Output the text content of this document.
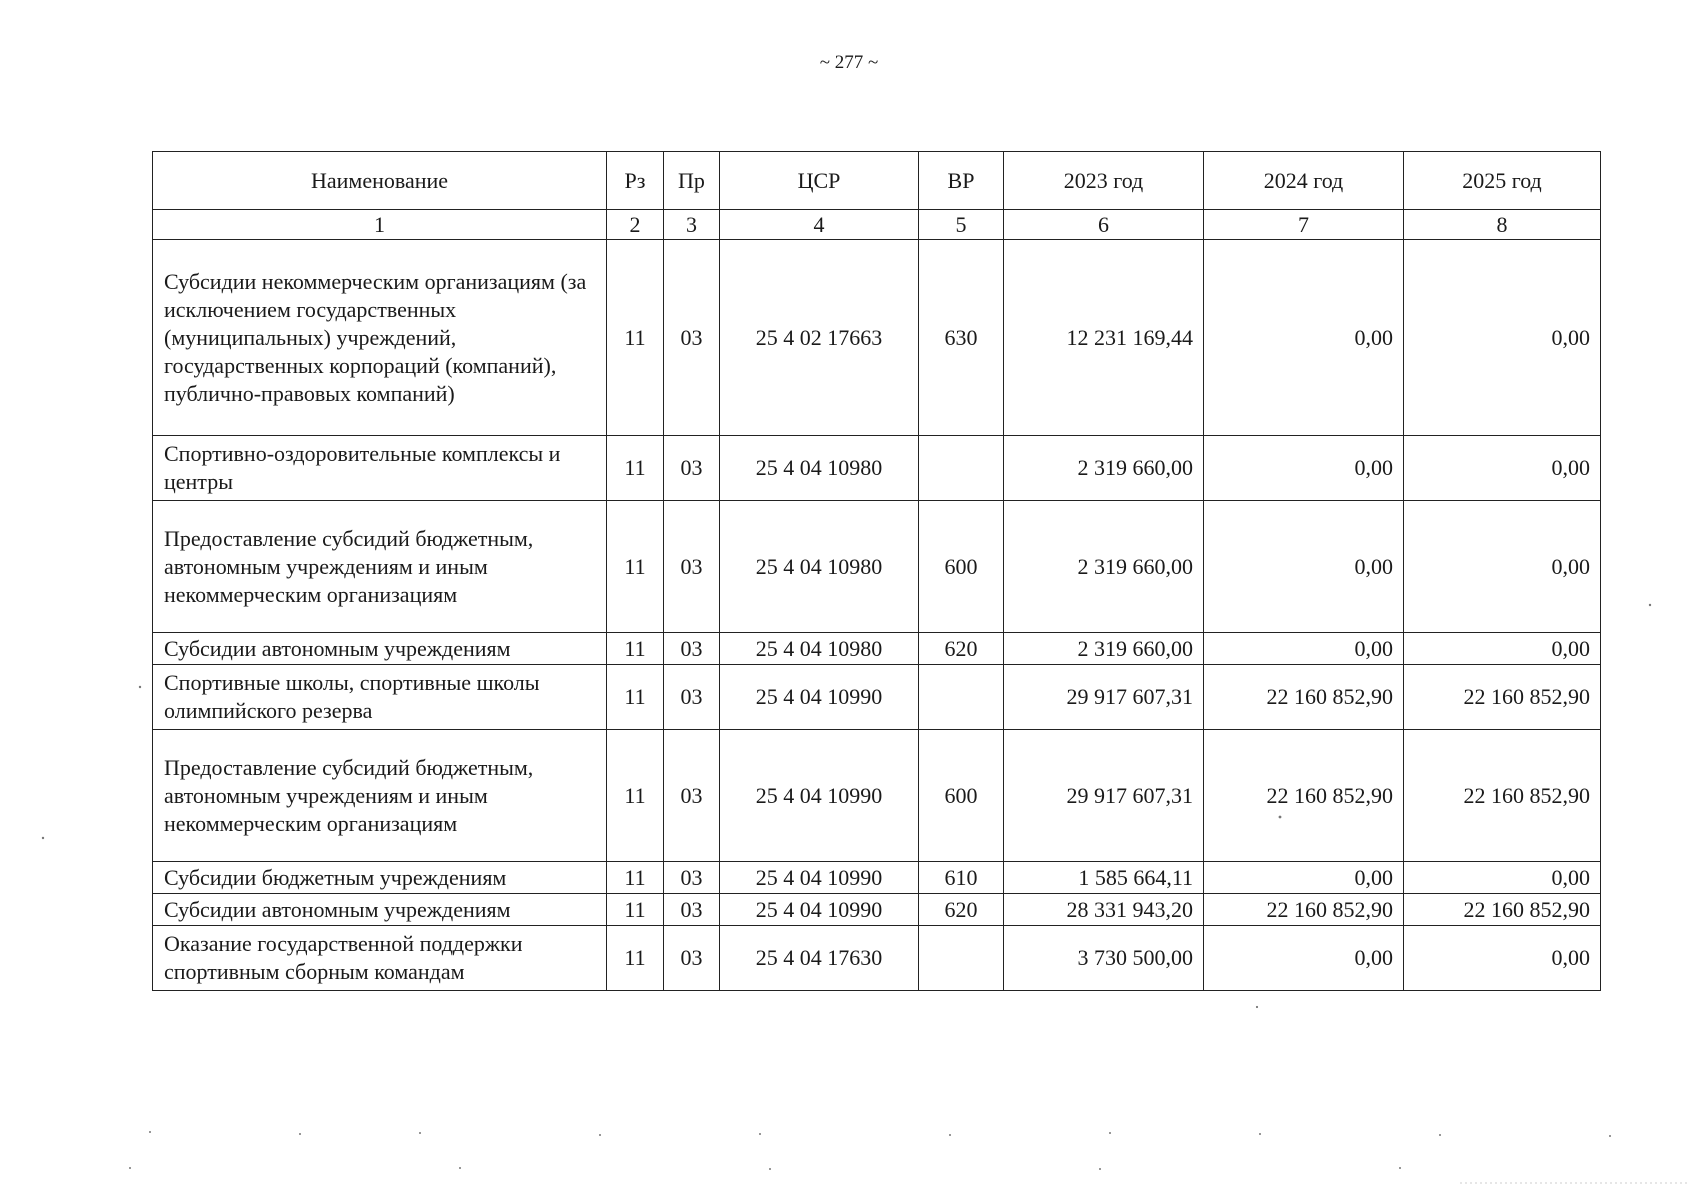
~ 277 ~
Наименование	Рз	Пр	ЦСР	ВР	2023 год	2024 год	2025 год
1	2	3	4	5	6	7	8
Субсидии некоммерческим организациям (за исключением государственных (муниципальных) учреждений, государственных корпораций (компаний), публично-правовых компаний)	11	03	25 4 02 17663	630	12 231 169,44	0,00	0,00
Спортивно-оздоровительные комплексы и центры	11	03	25 4 04 10980		2 319 660,00	0,00	0,00
Предоставление субсидий бюджетным, автономным учреждениям и иным некоммерческим организациям	11	03	25 4 04 10980	600	2 319 660,00	0,00	0,00
Субсидии автономным учреждениям	11	03	25 4 04 10980	620	2 319 660,00	0,00	0,00
Спортивные школы, спортивные школы олимпийского резерва	11	03	25 4 04 10990		29 917 607,31	22 160 852,90	22 160 852,90
Предоставление субсидий бюджетным, автономным учреждениям и иным некоммерческим организациям	11	03	25 4 04 10990	600	29 917 607,31	22 160 852,90	22 160 852,90
Субсидии бюджетным учреждениям	11	03	25 4 04 10990	610	1 585 664,11	0,00	0,00
Субсидии автономным учреждениям	11	03	25 4 04 10990	620	28 331 943,20	22 160 852,90	22 160 852,90
Оказание государственной поддержки спортивным сборным командам	11	03	25 4 04 17630		3 730 500,00	0,00	0,00
